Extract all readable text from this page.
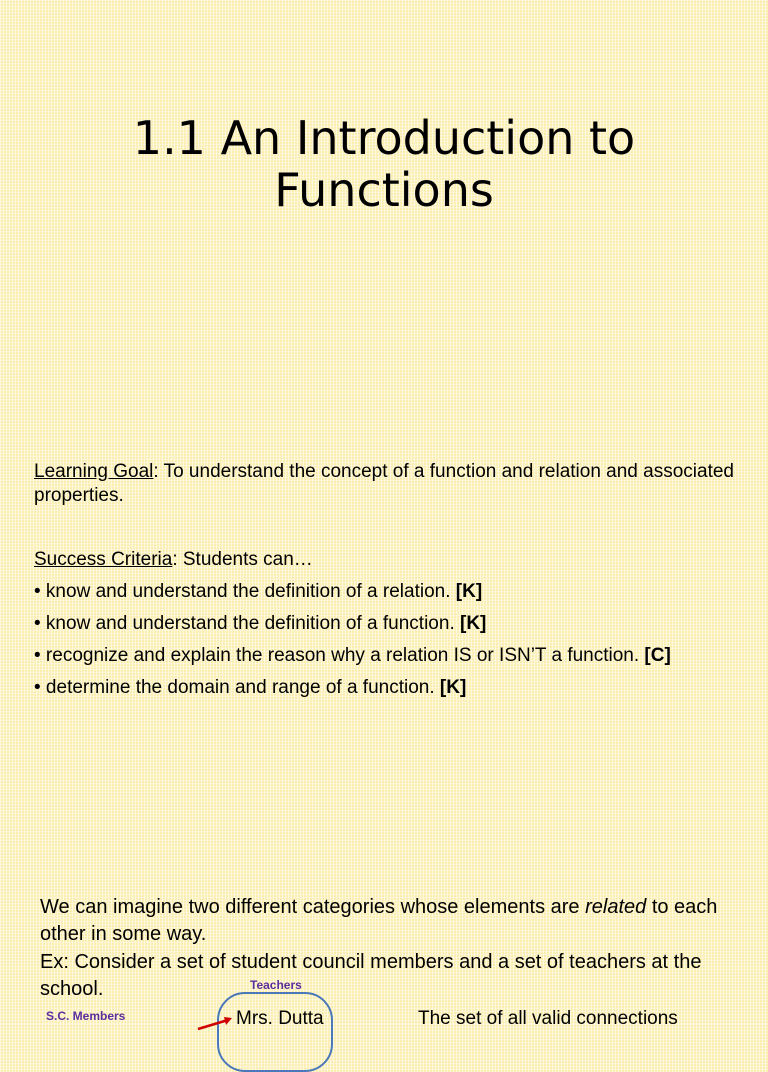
1.1 An Introduction to
Functions
Learning Goal: To understand the concept of a function and relation and associated properties.
Success Criteria: Students can…
• know and understand the definition of a relation. [K]
• know and understand the definition of a function. [K]
• recognize and explain the reason why a relation IS or ISN’T a function. [C]
• determine the domain and range of a function. [K]

We can imagine two different categories whose elements are related to each other in some way.

Ex: Consider a set of student council members and a set of teachers at the school.	Teachers
S.C. Members	Mrs. Dutta	The set of all valid connections
